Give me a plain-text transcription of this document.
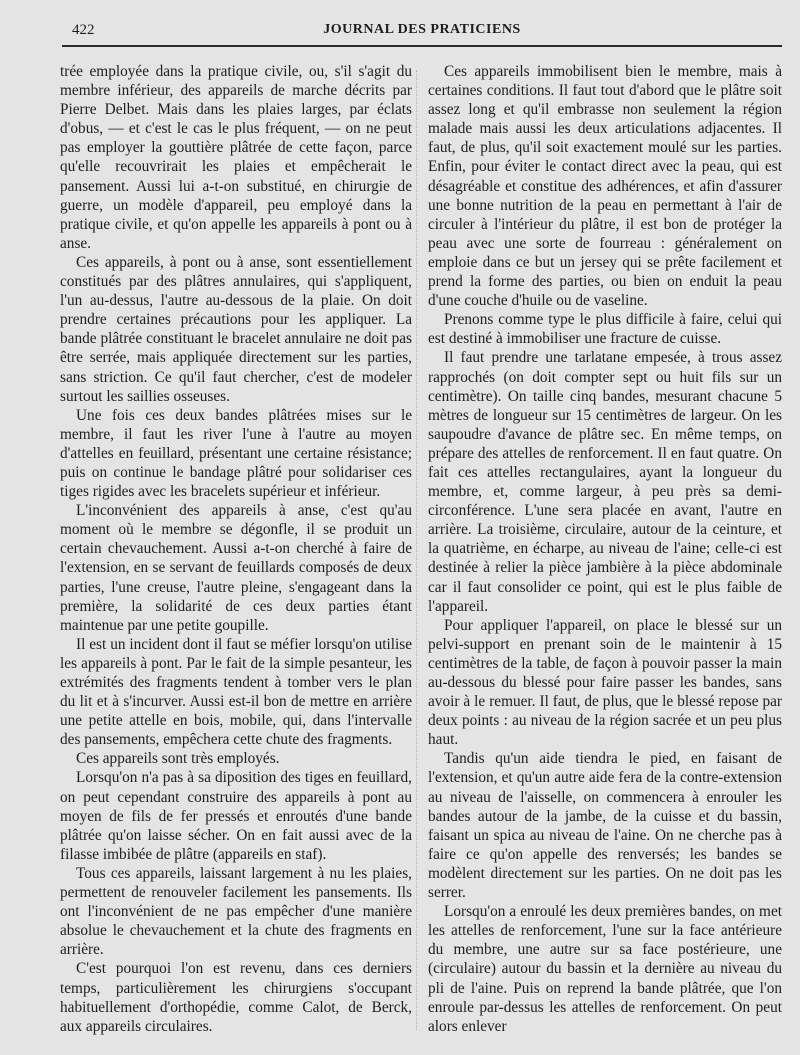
422	JOURNAL DES PRATICIENS

trée employée dans la pratique civile, ou, s'il s'agit du membre inférieur, des appareils de marche décrits par Pierre Delbet. Mais dans les plaies larges, par éclats d'obus, — et c'est le cas le plus fréquent, — on ne peut pas employer la gouttière plâtrée de cette façon, parce qu'elle recouvrirait les plaies et empêcherait le pansement. Aussi lui a-t-on substitué, en chirurgie de guerre, un modèle d'appareil, peu employé dans la pratique civile, et qu'on appelle les appareils à pont ou à anse.

Ces appareils, à pont ou à anse, sont essentiellement constitués par des plâtres annulaires, qui s'appliquent, l'un au-dessus, l'autre au-dessous de la plaie. On doit prendre certaines précautions pour les appliquer. La bande plâtrée constituant le bracelet annulaire ne doit pas être serrée, mais appliquée directement sur les parties, sans striction. Ce qu'il faut chercher, c'est de modeler surtout les saillies osseuses.

Une fois ces deux bandes plâtrées mises sur le membre, il faut les river l'une à l'autre au moyen d'attelles en feuillard, présentant une certaine résistance; puis on continue le bandage plâtré pour solidariser ces tiges rigides avec les bracelets supérieur et inférieur.

L'inconvénient des appareils à anse, c'est qu'au moment où le membre se dégonfle, il se produit un certain chevauchement. Aussi a-t-on cherché à faire de l'extension, en se servant de feuillards composés de deux parties, l'une creuse, l'autre pleine, s'engageant dans la première, la solidarité de ces deux parties étant maintenue par une petite goupille.

Il est un incident dont il faut se méfier lorsqu'on utilise les appareils à pont. Par le fait de la simple pesanteur, les extrémités des fragments tendent à tomber vers le plan du lit et à s'incurver. Aussi est-il bon de mettre en arrière une petite attelle en bois, mobile, qui, dans l'intervalle des pansements, empêchera cette chute des fragments.

Ces appareils sont très employés.

Lorsqu'on n'a pas à sa diposition des tiges en feuillard, on peut cependant construire des appareils à pont au moyen de fils de fer pressés et enroutés d'une bande plâtrée qu'on laisse sécher. On en fait aussi avec de la filasse imbibée de plâtre (appareils en staf).

Tous ces appareils, laissant largement à nu les plaies, permettent de renouveler facilement les pansements. Ils ont l'inconvénient de ne pas empêcher d'une manière absolue le chevauchement et la chute des fragments en arrière.

C'est pourquoi l'on est revenu, dans ces derniers temps, particulièrement les chirurgiens s'occupant habituellement d'orthopédie, comme Calot, de Berck, aux appareils circulaires.

Ces appareils immobilisent bien le membre, mais à certaines conditions. Il faut tout d'abord que le plâtre soit assez long et qu'il embrasse non seulement la région malade mais aussi les deux articulations adjacentes. Il faut, de plus, qu'il soit exactement moulé sur les parties. Enfin, pour éviter le contact direct avec la peau, qui est désagréable et constitue des adhérences, et afin d'assurer une bonne nutrition de la peau en permettant à l'air de circuler à l'intérieur du plâtre, il est bon de protéger la peau avec une sorte de fourreau : généralement on emploie dans ce but un jersey qui se prête facilement et prend la forme des parties, ou bien on enduit la peau d'une couche d'huile ou de vaseline.

Prenons comme type le plus difficile à faire, celui qui est destiné à immobiliser une fracture de cuisse.

Il faut prendre une tarlatane empesée, à trous assez rapprochés (on doit compter sept ou huit fils sur un centimètre). On taille cinq bandes, mesurant chacune 5 mètres de longueur sur 15 centimètres de largeur. On les saupoudre d'avance de plâtre sec. En même temps, on prépare des attelles de renforcement. Il en faut quatre. On fait ces attelles rectangulaires, ayant la longueur du membre, et, comme largeur, à peu près sa demi-circonférence. L'une sera placée en avant, l'autre en arrière. La troisième, circulaire, autour de la ceinture, et la quatrième, en écharpe, au niveau de l'aine; celle-ci est destinée à relier la pièce jambière à la pièce abdominale car il faut consolider ce point, qui est le plus faible de l'appareil.

Pour appliquer l'appareil, on place le blessé sur un pelvi-support en prenant soin de le maintenir à 15 centimètres de la table, de façon à pouvoir passer la main au-dessous du blessé pour faire passer les bandes, sans avoir à le remuer. Il faut, de plus, que le blessé repose par deux points : au niveau de la région sacrée et un peu plus haut.

Tandis qu'un aide tiendra le pied, en faisant de l'extension, et qu'un autre aide fera de la contre-extension au niveau de l'aisselle, on commencera à enrouler les bandes autour de la jambe, de la cuisse et du bassin, faisant un spica au niveau de l'aine. On ne cherche pas à faire ce qu'on appelle des renversés; les bandes se modèlent directement sur les parties. On ne doit pas les serrer.

Lorsqu'on a enroulé les deux premières bandes, on met les attelles de renforcement, l'une sur la face antérieure du membre, une autre sur sa face postérieure, une (circulaire) autour du bassin et la dernière au niveau du pli de l'aine. Puis on reprend la bande plâtrée, que l'on enroule par-dessus les attelles de renforcement. On peut alors enlever
